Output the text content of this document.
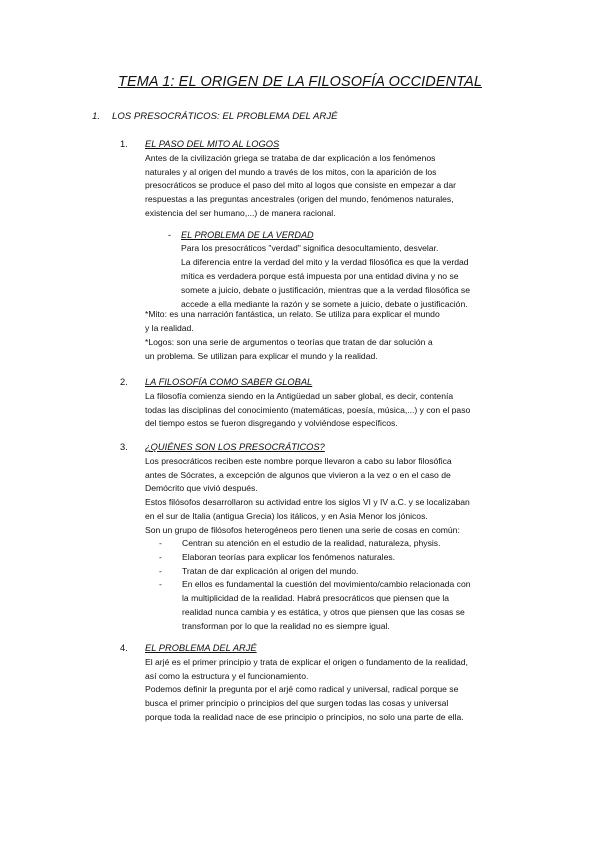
TEMA 1: EL ORIGEN DE LA FILOSOFÍA OCCIDENTAL
1. LOS PRESOCRÁTICOS: EL PROBLEMA DEL ARJÉ
1. EL PASO DEL MITO AL LOGOS
Antes de la civilización griega se trataba de dar explicación a los fenómenos
naturales y al origen del mundo a través de los mitos, con la aparición de los
presocráticos se produce el paso del mito al logos que consiste en empezar a dar
respuestas a las preguntas ancestrales (origen del mundo, fenómenos naturales,
existencia del ser humano,...) de manera racional.
- EL PROBLEMA DE LA VERDAD
Para los presocráticos "verdad" significa desocultamiento, desvelar.
La diferencia entre la verdad del mito y la verdad filosófica es que la verdad
mítica es verdadera porque está impuesta por una entidad divina y no se
somete a juicio, debate o justificación, mientras que a la verdad filosófica se
accede a ella mediante la razón y se somete a juicio, debate o justificación.
*Mito: es una narración fantástica, un relato. Se utiliza para explicar el mundo
y la realidad.
*Logos: son una serie de argumentos o teorías que tratan de dar solución a
un problema. Se utilizan para explicar el mundo y la realidad.
2. LA FILOSOFÍA COMO SABER GLOBAL
La filosofía comienza siendo en la Antigüedad un saber global, es decir, contenía
todas las disciplinas del conocimiento (matemáticas, poesía, música,...) y con el paso
del tiempo estos se fueron disgregando y volviéndose específicos.
3. ¿QUIÉNES SON LOS PRESOCRÁTICOS?
Los presocráticos reciben este nombre porque llevaron a cabo su labor filosófica
antes de Sócrates, a excepción de algunos que vivieron a la vez o en el caso de
Demócrito que vivió después.
Estos filósofos desarrollaron su actividad entre los siglos VI y IV a.C. y se localizaban
en el sur de Italia (antigua Grecia) los itálicos, y en Asia Menor los jónicos.
Son un grupo de filósofos heterogéneos pero tienen una serie de cosas en común:
- Centran su atención en el estudio de la realidad, naturaleza, physis.
- Elaboran teorías para explicar los fenómenos naturales.
- Tratan de dar explicación al origen del mundo.
- En ellos es fundamental la cuestión del movimiento/cambio relacionada con
la multiplicidad de la realidad. Habrá presocráticos que piensen que la
realidad nunca cambia y es estática, y otros que piensen que las cosas se
transforman por lo que la realidad no es siempre igual.
4. EL PROBLEMA DEL ARJÉ
El arjé es el primer principio y trata de explicar el origen o fundamento de la realidad,
así como la estructura y el funcionamiento.
Podemos definir la pregunta por el arjé como radical y universal, radical porque se
busca el primer principio o principios del que surgen todas las cosas y universal
porque toda la realidad nace de ese principio o principios, no solo una parte de ella.
